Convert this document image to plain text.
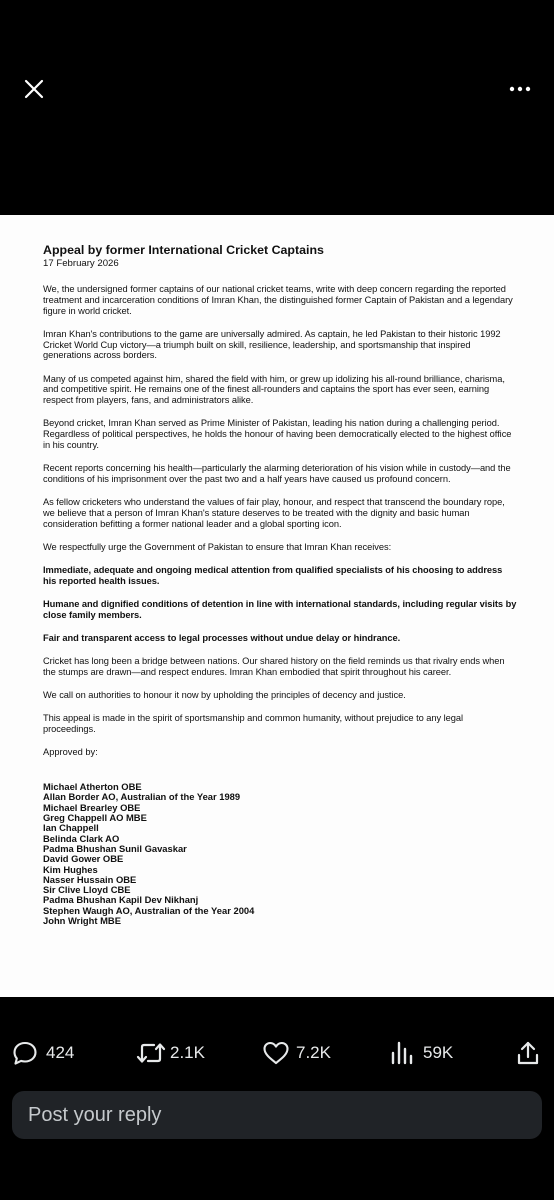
Appeal by former International Cricket Captains

17 February 2026

We, the undersigned former captains of our national cricket teams, write with deep concern regarding the reported treatment and incarceration conditions of Imran Khan, the distinguished former Captain of Pakistan and a legendary figure in world cricket.

Imran Khan's contributions to the game are universally admired. As captain, he led Pakistan to their historic 1992 Cricket World Cup victory—a triumph built on skill, resilience, leadership, and sportsmanship that inspired generations across borders.

Many of us competed against him, shared the field with him, or grew up idolizing his all-round brilliance, charisma, and competitive spirit. He remains one of the finest all-rounders and captains the sport has ever seen, earning respect from players, fans, and administrators alike.

Beyond cricket, Imran Khan served as Prime Minister of Pakistan, leading his nation during a challenging period. Regardless of political perspectives, he holds the honour of having been democratically elected to the highest office in his country.

Recent reports concerning his health—particularly the alarming deterioration of his vision while in custody—and the conditions of his imprisonment over the past two and a half years have caused us profound concern.

As fellow cricketers who understand the values of fair play, honour, and respect that transcend the boundary rope, we believe that a person of Imran Khan's stature deserves to be treated with the dignity and basic human consideration befitting a former national leader and a global sporting icon.

We respectfully urge the Government of Pakistan to ensure that Imran Khan receives:

Immediate, adequate and ongoing medical attention from qualified specialists of his choosing to address his reported health issues.

Humane and dignified conditions of detention in line with international standards, including regular visits by close family members.

Fair and transparent access to legal processes without undue delay or hindrance.

Cricket has long been a bridge between nations. Our shared history on the field reminds us that rivalry ends when the stumps are drawn—and respect endures. Imran Khan embodied that spirit throughout his career.

We call on authorities to honour it now by upholding the principles of decency and justice.

This appeal is made in the spirit of sportsmanship and common humanity, without prejudice to any legal proceedings.

Approved by:

Michael Atherton OBE

Allan Border AO, Australian of the Year 1989

Michael Brearley OBE

Greg Chappell AO MBE

Ian Chappell

Belinda Clark AO

Padma Bhushan Sunil Gavaskar

David Gower OBE

Kim Hughes

Nasser Hussain OBE

Sir Clive Lloyd CBE

Padma Bhushan Kapil Dev Nikhanj

Stephen Waugh AO, Australian of the Year 2004

John Wright MBE

424	2.1K	7.2K	59K
Post your reply
